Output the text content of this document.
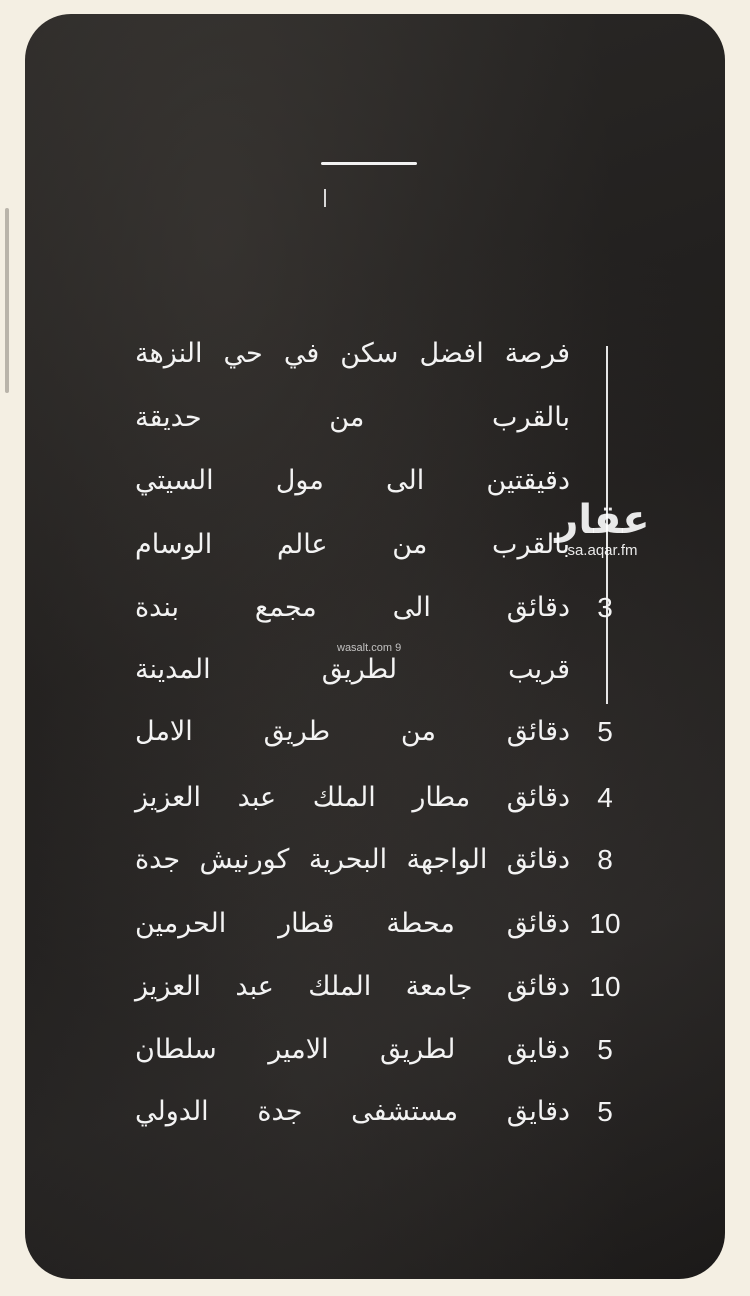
فرصة افضل سكن في حي النزهة
بالقرب من حديقة
دقيقتين الى مول السيتي
بالقرب من عالم الوسام
3
دقائق الى مجمع بندة
قريب لطريق المدينة
5
دقائق من طريق الامل
4
دقائق مطار الملك عبد العزيز
8
دقائق الواجهة البحرية كورنيش جدة
10
دقائق محطة قطار الحرمين
10
دقائق جامعة الملك عبد العزيز
5
دقايق لطريق الامير سلطان
5
دقايق مستشفى جدة الدولي
عقار
sa.aqar.fm
wasalt.com 9
